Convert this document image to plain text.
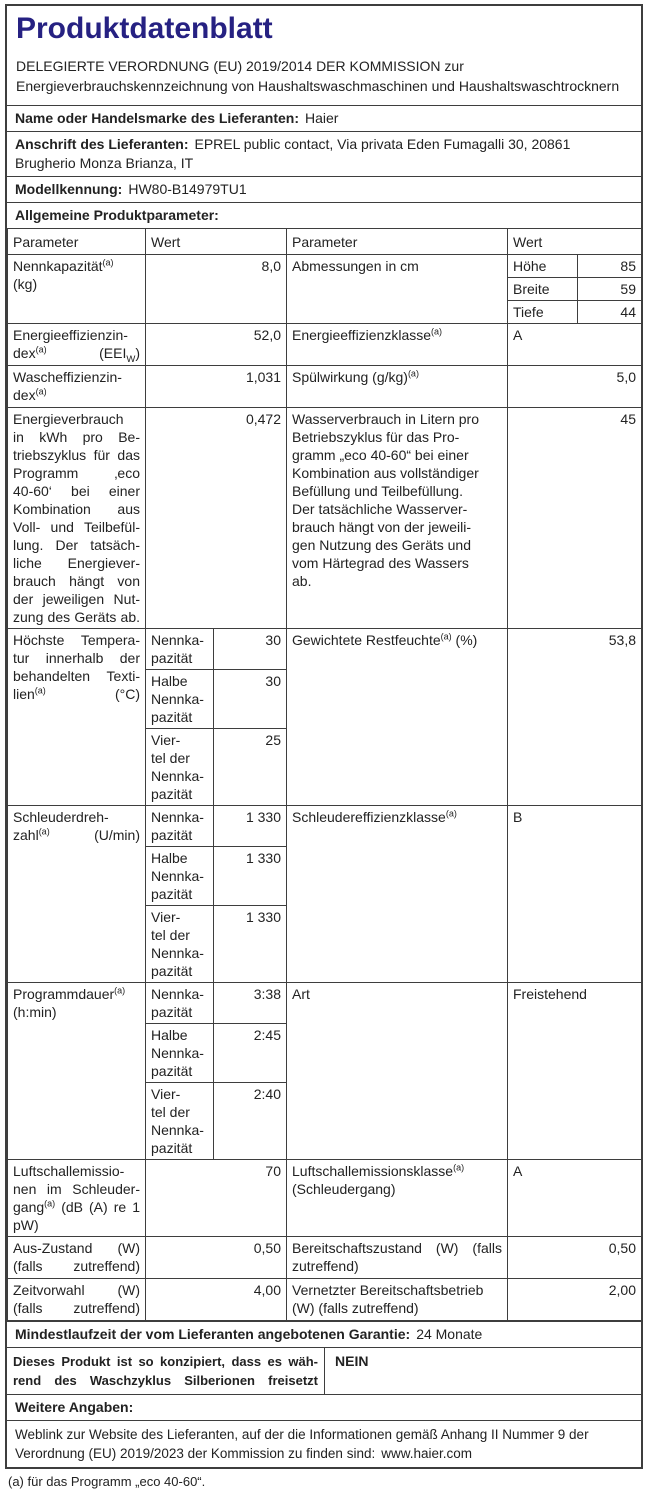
Produktdatenblatt
DELEGIERTE VERORDNUNG (EU) 2019/2014 DER KOMMISSION zur
Energieverbrauchskennzeichnung von Haushaltswaschmaschinen und Haushaltswaschtrocknern
Name oder Handelsmarke des Lieferanten: Haier
Anschrift des Lieferanten: EPREL public contact, Via privata Eden Fumagalli 30, 20861 Brugherio Monza Brianza, IT
Modellkennung: HW80-B14979TU1
Allgemeine Produktparameter:
Parameter	Wert		Parameter	Wert	
Nennkapazität$^{(a)}$
(kg)	8,0		Abmessungen in cm	Höhe	85
				Breite	59
				Tiefe	44
Energieeffizienzin-
dex$^{(a)}$ $(EEI_W)$	52,0		Energieeffizienzklasse$^{(a)}$	A	
Wascheffizienzin-
dex$^{(a)}$	1,031		Spülwirkung $(g/kg)^{(a)}$	5,0	
Energieverbrauch
in kWh pro Be-
triebszyklus für das
Programm ‚eco
40-60‘ bei einer
Kombination aus
Voll- und Teilbefül-
lung. Der tatsäch-
liche Energiever-
brauch hängt von
der jeweiligen Nut-
zung des Geräts ab.	0,472	Wasserverbrauch in Litern pro
Betriebszyklus für das Pro-
gramm „eco 40-60“ bei einer
Kombination aus vollständiger
Befüllung und Teilbefüllung.
Der tatsächliche Wasserver-
brauch hängt von der jeweili-
gen Nutzung des Geräts und
vom Härtegrad des Wassers
ab.	45
Höchste Tempera-
tur innerhalb der
behandelten Texti-
lien$^{(a)}$ (°C)	Nennka-
pazität	30	Gewichtete Restfeuchte$^{(a)}$ (%)	53,8	
	Halbe
Nennka-
pazität	30			
	Vier-
tel der
Nennka-
pazität	25			
Schleuderdreh-
zahl$^{(a)}$ (U/min)	Nennka-
pazität	1 330	Schleudereffizienzklasse$^{(a)}$	B	
	Halbe
Nennka-
pazität	1 330			
	Vier-
tel der
Nennka-
pazität	1 330			
Programmdauer$^{(a)}$
(h:min)	Nennka-
pazität	3:38	Art	Freistehend	
	Halbe
Nennka-
pazität	2:45			
	Vier-
tel der
Nennka-
pazität	2:40			
Luftschallemissio-
nen im Schleuder-
gang$^{(a)}$ (dB (A) re 1
pW)	70		Luftschallemissionsklasse$^{(a)}$
(Schleudergang)	A	
Aus-Zustand (W)
(falls zutreffend)	0,50		Bereitschaftszustand (W) (falls
zutreffend)	0,50	
Zeitvorwahl (W)
(falls zutreffend)	4,00		Vernetzter Bereitschaftsbetrieb
(W) (falls zutreffend)	2,00	
Mindestlaufzeit der vom Lieferanten angebotenen Garantie: 24 Monate
Dieses Produkt ist so konzipiert, dass es wäh-
rend des Waschzyklus Silberionen freisetzt
NEIN
Weitere Angaben:
Weblink zur Website des Lieferanten, auf der die Informationen gemäß Anhang II Nummer 9 der Verordnung (EU) 2019/2023 der Kommission zu finden sind: www.haier.com
(a) für das Programm „eco 40-60“.
